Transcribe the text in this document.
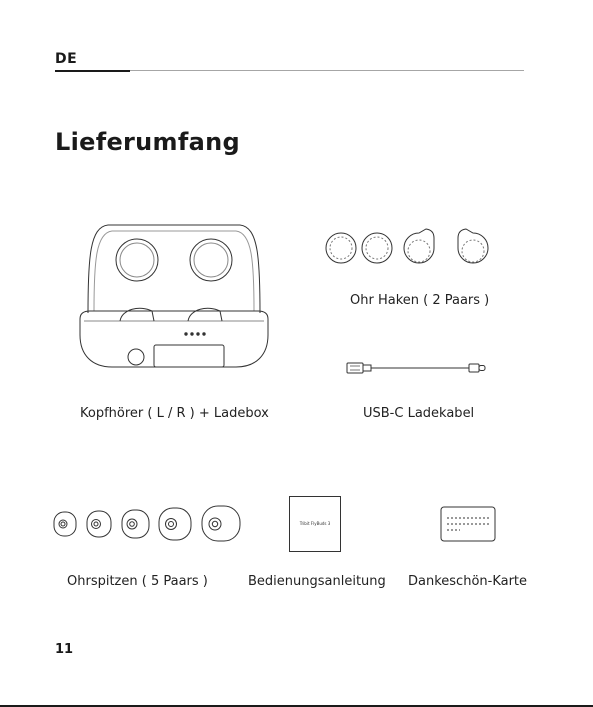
DE
Lieferumfang
Kopfhörer ( L / R ) + Ladebox
Ohr Haken ( 2 Paars )
USB-C Ladekabel
Ohrspitzen ( 5 Paars )
Tribit FlyBuds 3
Bedienungsanleitung Dankeschön-Karte
11
